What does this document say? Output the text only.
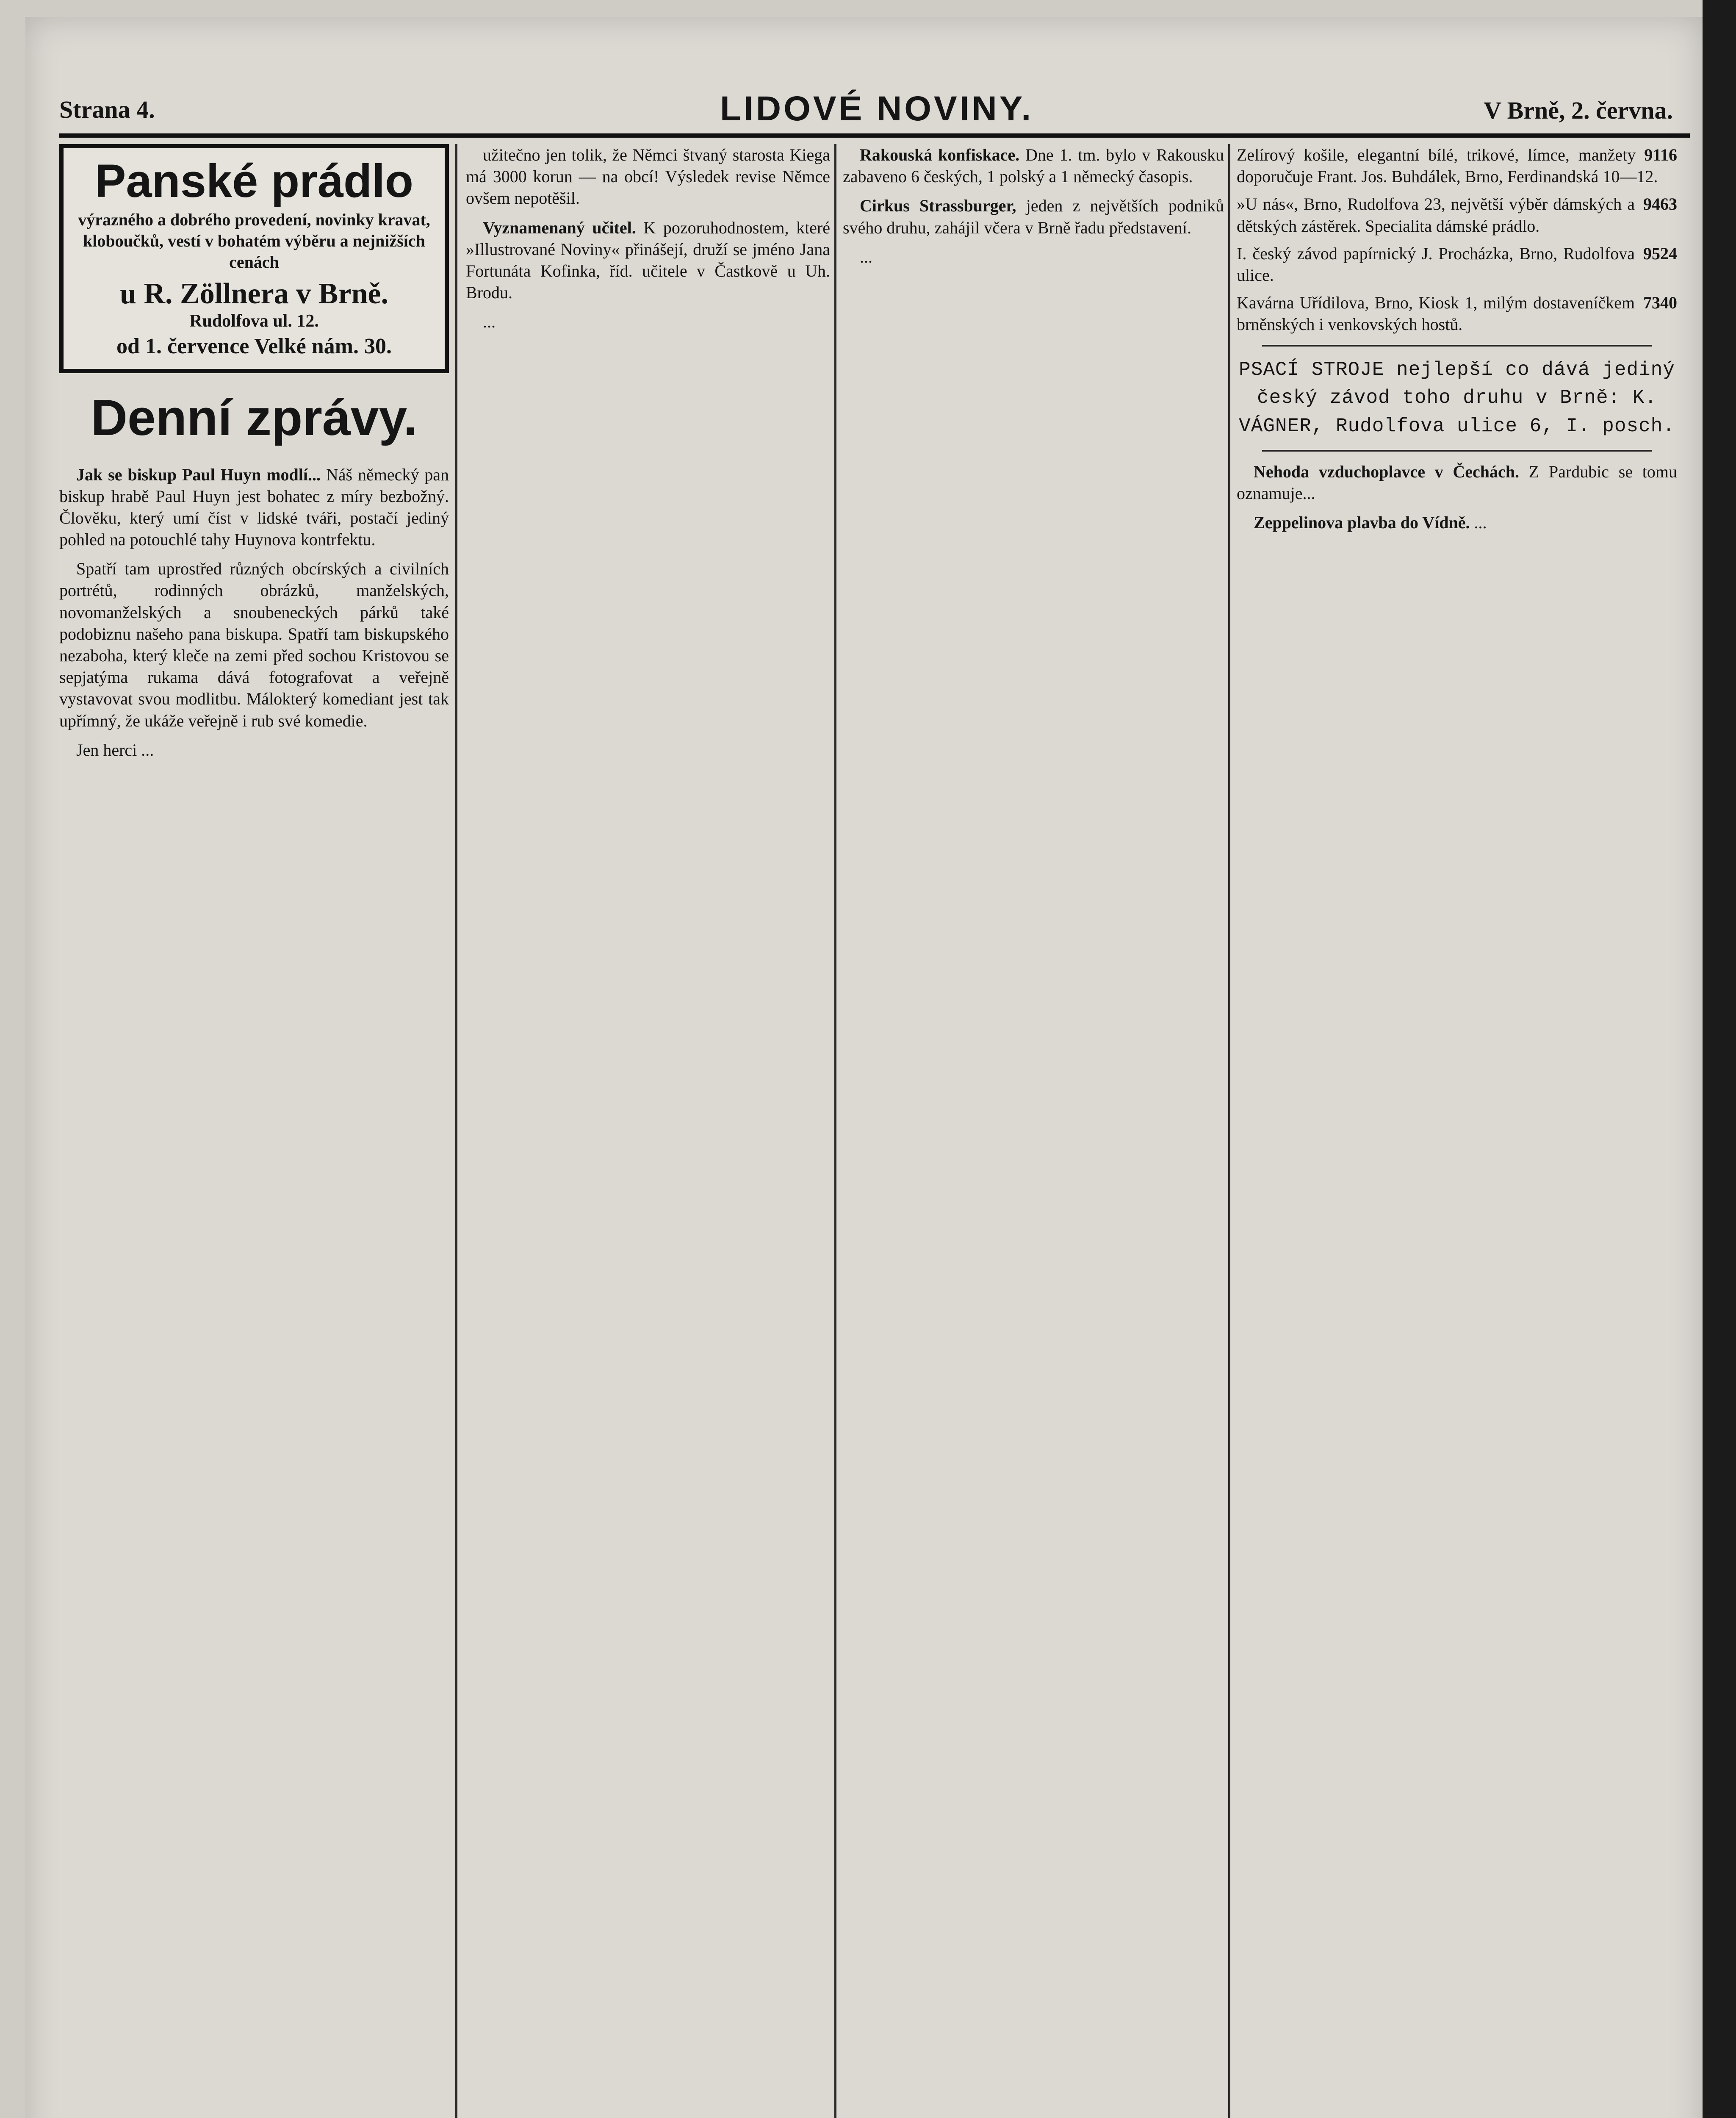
Strana 4.	LIDOVÉ NOVINY.	V Brně, 2. června.
Panské prádlo
výrazného a dobrého provedení, novinky kravat, kloboučků, vestí v bohatém výběru a nejnižších cenách
u R. Zöllnera v Brně.
Rudolfova ul. 12.
od 1. července Velké nám. 30.
Denní zprávy.

Jak se biskup Paul Huyn modlí... Náš německý pan biskup hrabě Paul Huyn jest bohatec z míry bezbožný. Člověku, který umí číst v lidské tváři, postačí jediný pohled na potouchlé tahy Huynova kontrfektu.

Spatří tam uprostřed různých obcírských a civilních portrétů, rodinných obrázků, manželských, novomanželských a snoubeneckých párků také podobiznu našeho pana biskupa. Spatří tam biskupského nezaboha, který kleče na zemi před sochou Kristovou se sepjatýma rukama dává fotografovat a veřejně vystavovat svou modlitbu. Málokterý komediant jest tak upřímný, že ukáže veřejně i rub své komedie.

Jen herci ...

užitečno jen tolik, že Němci štvaný starosta Kiega má 3000 korun — na obcí! Výsledek revise Němce ovšem nepotěšil.

Vyznamenaný učitel. K pozoruhodnostem, které »Illustrované Noviny« přinášejí, druží se jméno Jana Fortunáta Kofinka, říd. učitele v Častkově u Uh. Brodu.

...

Rakouská konfiskace. Dne 1. tm. bylo v Rakousku zabaveno 6 českých, 1 polský a 1 německý časopis.

Cirkus Strassburger, jeden z největších podniků svého druhu, zahájil včera v Brně řadu představení.

...

9116
Zelírový košile, elegantní bílé, trikové, límce, manžety doporučuje Frant. Jos. Buhdálek, Brno, Ferdinandská 10—12.
9463
»U nás«, Brno, Rudolfova 23, největší výběr dámských a dětských zástěrek. Specialita dámské prádlo.
9524
I. český závod papírnický J. Procházka, Brno, Rudolfova ulice.
7340
Kavárna Uřídilova, Brno, Kiosk 1, milým dostaveníčkem brněnských i venkovských hostů.
PSACÍ STROJE nejlepší co dává jediný český závod toho druhu v Brně: K. VÁGNER, Rudolfova ulice 6, I. posch.

Nehoda vzduchoplavce v Čechách. Z Pardubic se tomu oznamuje...

Zeppelinova plavba do Vídně. ...
